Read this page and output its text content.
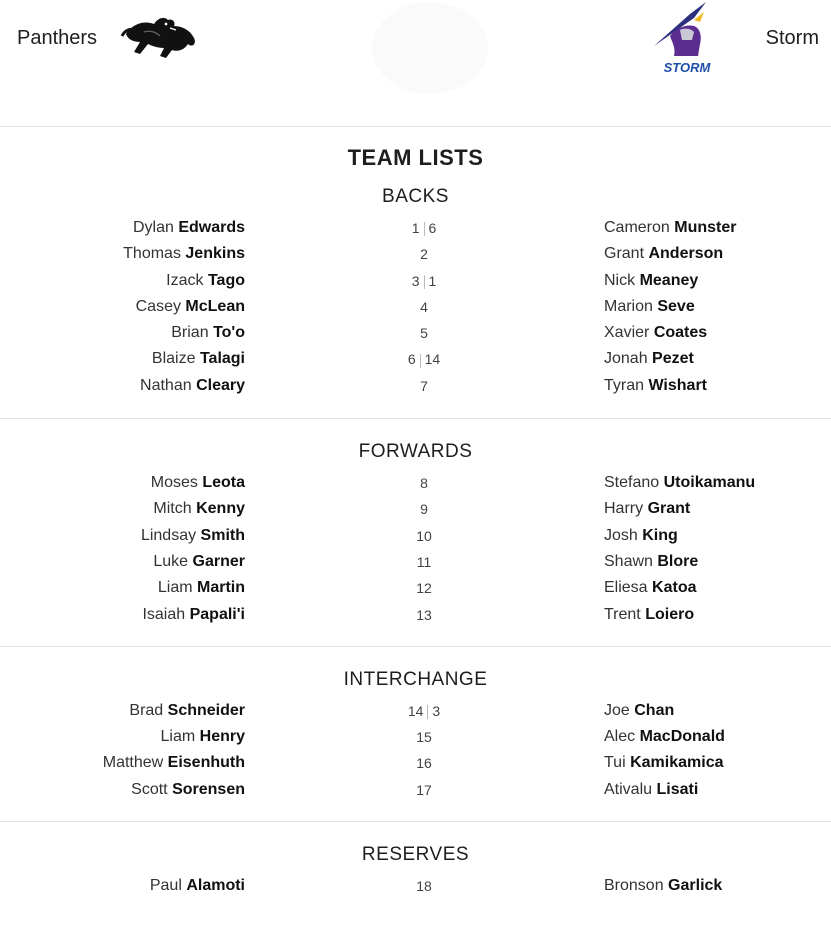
Panthers
STORM
Storm
TEAM LISTS
BACKS
Dylan Edwards	1 6	Cameron Munster
Thomas Jenkins	2	Grant Anderson
Izack Tago	3 1	Nick Meaney
Casey McLean	4	Marion Seve
Brian To'o	5	Xavier Coates
Blaize Talagi	6 14	Jonah Pezet
Nathan Cleary	7	Tyran Wishart
FORWARDS
Moses Leota	8	Stefano Utoikamanu
Mitch Kenny	9	Harry Grant
Lindsay Smith	10	Josh King
Luke Garner	11	Shawn Blore
Liam Martin	12	Eliesa Katoa
Isaiah Papali'i	13	Trent Loiero
INTERCHANGE
Brad Schneider	14 3	Joe Chan
Liam Henry	15	Alec MacDonald
Matthew Eisenhuth	16	Tui Kamikamica
Scott Sorensen	17	Ativalu Lisati
RESERVES
Paul Alamoti	18	Bronson Garlick
